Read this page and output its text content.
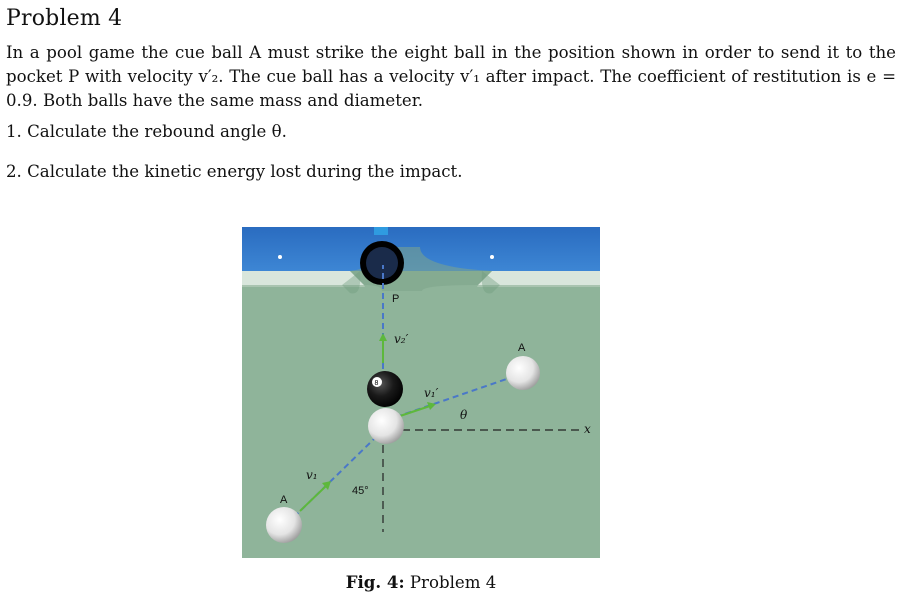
Problem 4

In a pool game the cue ball A must strike the eight ball in the position shown in order to send it to the pocket P with velocity v′₂. The cue ball has a velocity v′₁ after impact. The coefficient of restitution is e = 0.9. Both balls have the same mass and diameter.

1. Calculate the rebound angle θ.

2. Calculate the kinetic energy lost during the impact.

P
v₂′
v₁′
θ
x
v₁
45°
8
A
A
Fig. 4: Problem 4
